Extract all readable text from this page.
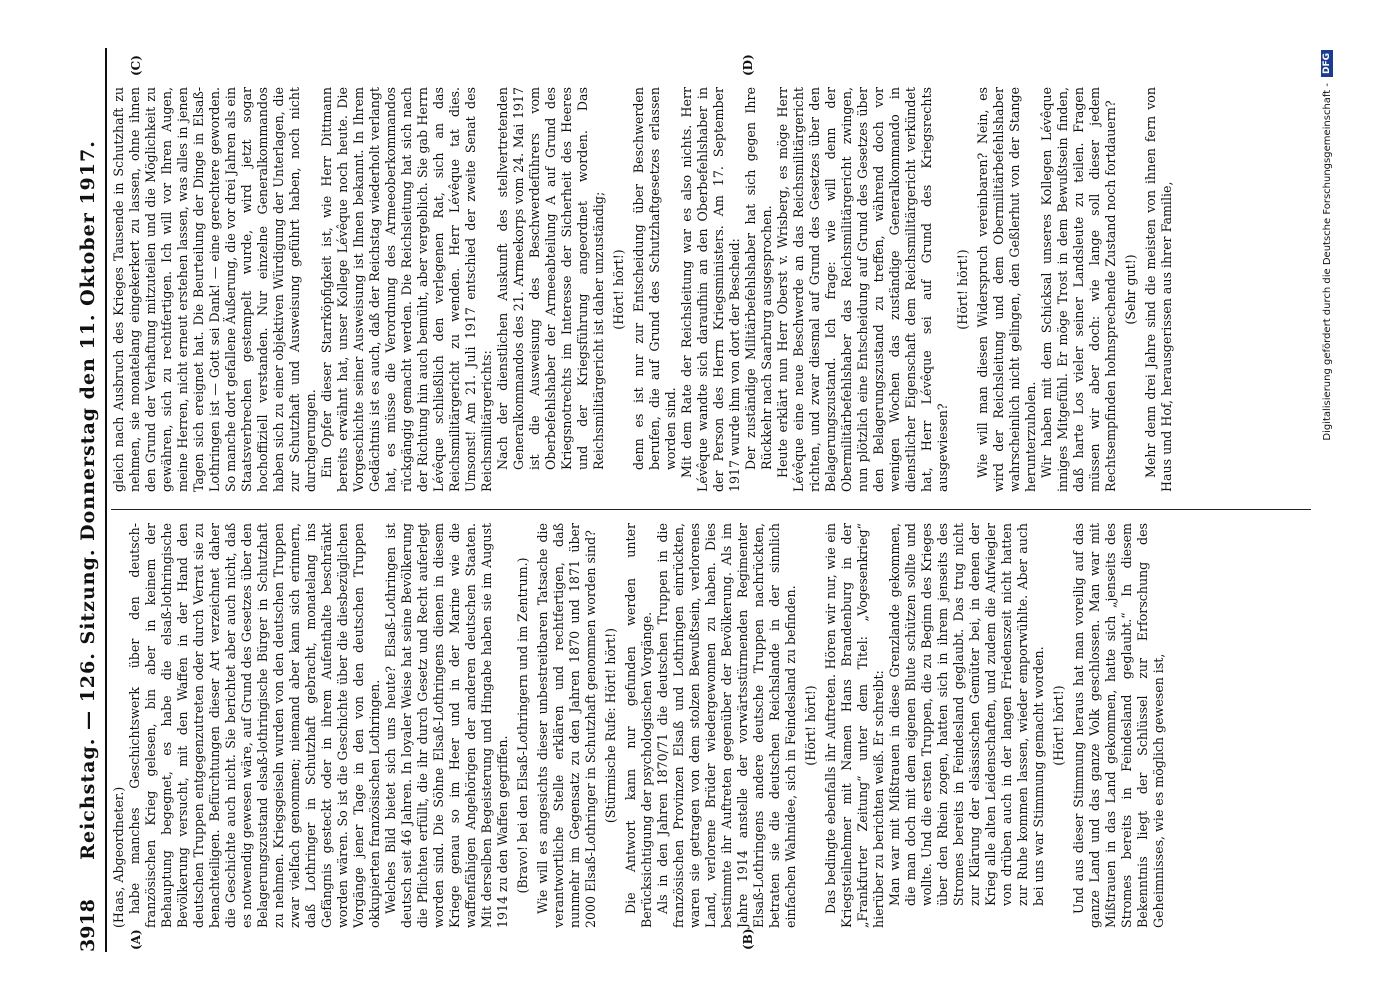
3918
Reichstag. — 126. Sitzung. Donnerstag den 11. Oktober 1917.
(A)	(B)
(C)	(D)

(Haas, Abgeordneter.) habe manches Geschichtswerk über den deutsch-französischen Krieg gelesen, bin aber in keinem der Behauptung begegnet, es habe die elsaß-lothringische Bevölkerung versucht, mit den Waffen in der Hand den deutschen Truppen entgegenzutreten oder durch Verrat sie zu benachteiligen. Befürchtungen dieser Art verzeichnet daher die Geschichte auch nicht. Sie berichtet aber auch nicht, daß es notwendig gewesen wäre, auf Grund des Gesetzes über den Belagerungszustand elsaß-lothringische Bürger in Schutzhaft zu nehmen. Kriegsgeiseln wurden von den deutschen Truppen zwar vielfach genommen; niemand aber kann sich erinnern, daß Lothringer in Schutzhaft gebracht, monatelang ins Gefängnis gesteckt oder in ihrem Aufenthalte beschränkt worden wären. So ist die Geschichte über die diesbezüglichen Vorgänge jener Tage in den von den deutschen Truppen okkupierten französischen Lothringen. Welches Bild bietet sich uns heute? Elsaß-Lothringen ist deutsch seit 46 Jahren. In loyaler Weise hat seine Bevölkerung die Pflichten erfüllt, die ihr durch Gesetz und Recht auferlegt worden sind. Die Söhne Elsaß-Lothringens dienen in diesem Kriege genau so im Heer und in der Marine wie die waffenfähigen Angehörigen der anderen deutschen Staaten. Mit derselben Begeisterung und Hingabe haben sie im August 1914 zu den Waffen gegriffen. (Bravo! bei den Elsaß-Lothringern und im Zentrum.) Wie will es angesichts dieser unbestreitbaren Tatsache die verantwortliche Stelle erklären und rechtfertigen, daß nunmehr im Gegensatz zu den Jahren 1870 und 1871 über 2000 Elsaß-Lothringer in Schutzhaft genommen worden sind? (Stürmische Rufe: Hört! hört!) Die Antwort kann nur gefunden werden unter Berücksichtigung der psychologischen Vorgänge. Als in den Jahren 1870/71 die deutschen Truppen in die französischen Provinzen Elsaß und Lothringen einrückten, waren sie getragen von dem stolzen Bewußtsein, verlorenes Land, verlorene Brüder wiedergewonnen zu haben. Dies bestimmte ihr Auftreten gegenüber der Bevölkerung. Als im Jahre 1914 anstelle der vorwärtsstürmenden Regimenter Elsaß-Lothringens andere deutsche Truppen nachrückten, betraten sie die deutschen Reichslande in der sinnlich einfachen Wahnidee, sich in Feindesland zu befinden. (Hört! hört!) Das bedingte ebenfalls ihr Auftreten. Hören wir nur, wie ein Kriegsteilnehmer mit Namen Hans Brandenburg in der „Frankfurter Zeitung“ unter dem Titel: „Vogesenkrieg“ hierüber zu berichten weiß. Er schreibt: Man war mit Mißtrauen in diese Grenzlande gekommen, die man doch mit dem eigenen Blute schützen sollte und wollte. Und die ersten Truppen, die zu Beginn des Krieges über den Rhein zogen, hatten sich in ihrem jenseits des Stromes bereits in Feindesland geglaubt. Das trug nicht zur Klärung der elsässischen Gemüter bei, in denen der Krieg alle alten Leidenschaften, und zudem die Aufwiegler von drüben auch in der langen Friedenszeit nicht hatten zur Ruhe kommen lassen, wieder emporwühlte. Aber auch bei uns war Stimmung gemacht worden. (Hört! hört!) Und aus dieser Stimmung heraus hat man voreilig auf das ganze Land und das ganze Volk geschlossen. Man war mit Mißtrauen in das Land gekommen, hatte sich „jenseits des Stromes bereits in Feindesland geglaubt.“ In diesem Bekenntnis liegt der Schlüssel zur Erforschung des Geheimnisses, wie es möglich gewesen ist,

gleich nach Ausbruch des Krieges Tausende in Schutzhaft zu nehmen, sie monatelang eingekerkert zu lassen, ohne ihnen den Grund der Verhaftung mitzuteilen und die Möglichkeit zu gewähren, sich zu rechtfertigen. Ich will vor Ihren Augen, meine Herren, nicht erneut erstehen lassen, was alles in jenen Tagen sich ereignet hat. Die Beurteilung der Dinge in Elsaß-Lothringen ist — Gott sei Dank! — eine gerechtere geworden. So manche dort gefallene Äußerung, die vor drei Jahren als ein Staatsverbrechen gestempelt wurde, wird jetzt sogar hochoffiziell verstanden. Nur einzelne Generalkommandos haben sich zu einer objektiven Würdigung der Unterlagen, die zur Schutzhaft und Ausweisung geführt haben, noch nicht durchgerungen. Ein Opfer dieser Starrköpfigkeit ist, wie Herr Dittmann bereits erwähnt hat, unser Kollege Lévêque noch heute. Die Vorgeschichte seiner Ausweisung ist Ihnen bekannt. In Ihrem Gedächtnis ist es auch, daß der Reichstag wiederholt verlangt hat, es müsse die Verordnung des Armeeoberkommandos rückgängig gemacht werden. Die Reichsleitung hat sich nach der Richtung hin auch bemüht, aber vergeblich. Sie gab Herrn Lévêque schließlich den verlegenen Rat, sich an das Reichsmilitärgericht zu wenden. Herr Lévêque tat dies. Umsonst! Am 21. Juli 1917 entschied der zweite Senat des Reichsmilitärgerichts: Nach der dienstlichen Auskunft des stellvertretenden Generalkommandos des 21. Armeekorps vom 24. Mai 1917 ist die Ausweisung des Beschwerdeführers vom Oberbefehlshaber der Armeeabteilung A auf Grund des Kriegsnotrechts im Interesse der Sicherheit des Heeres und der Kriegsführung angeordnet worden. Das Reichsmilitärgericht ist daher unzuständig; (Hört! hört!) denn es ist nur zur Entscheidung über Beschwerden berufen, die auf Grund des Schutzhaftgesetzes erlassen worden sind. Mit dem Rate der Reichsleitung war es also nichts. Herr Lévêque wandte sich daraufhin an den Oberbefehlshaber in der Person des Herrn Kriegsministers. Am 17. September 1917 wurde ihm von dort der Bescheid: Der zuständige Militärbefehlshaber hat sich gegen Ihre Rückkehr nach Saarburg ausgesprochen. Heute erklärt nun Herr Oberst v. Wrisberg, es möge Herr Lévêque eine neue Beschwerde an das Reichsmilitärgericht richten, und zwar diesmal auf Grund des Gesetzes über den Belagerungszustand. Ich frage: wie will denn der Obermilitärbefehlshaber das Reichsmilitärgericht zwingen, nun plötzlich eine Entscheidung auf Grund des Gesetzes über den Belagerungszustand zu treffen, während doch vor wenigen Wochen das zuständige Generalkommando in dienstlicher Eigenschaft dem Reichsmilitärgericht verkündet hat, Herr Lévêque sei auf Grund des Kriegsrechts ausgewiesen?

(Hört! hört!) Wie will man diesen Widerspruch vereinbaren? Nein, es wird der Reichsleitung und dem Obermilitärbefehlshaber wahrscheinlich nicht gelingen, den Geßlerhut von der Stange herunterzuholen. Wir haben mit dem Schicksal unseres Kollegen Lévêque inniges Mitgefühl. Er möge Trost in dem Bewußtsein finden, daß harte Los vieler seiner Landsleute zu teilen. Fragen müssen wir aber doch: wie lange soll dieser jedem Rechtsempfinden hohnsprechende Zustand noch fortdauern? (Sehr gut!) Mehr denn drei Jahre sind die meisten von ihnen fern von Haus und Hof, herausgerissen aus ihrer Familie,	Digitalisierung gefördert durch die Deutsche Forschungsgemeinschaft -
DFG
